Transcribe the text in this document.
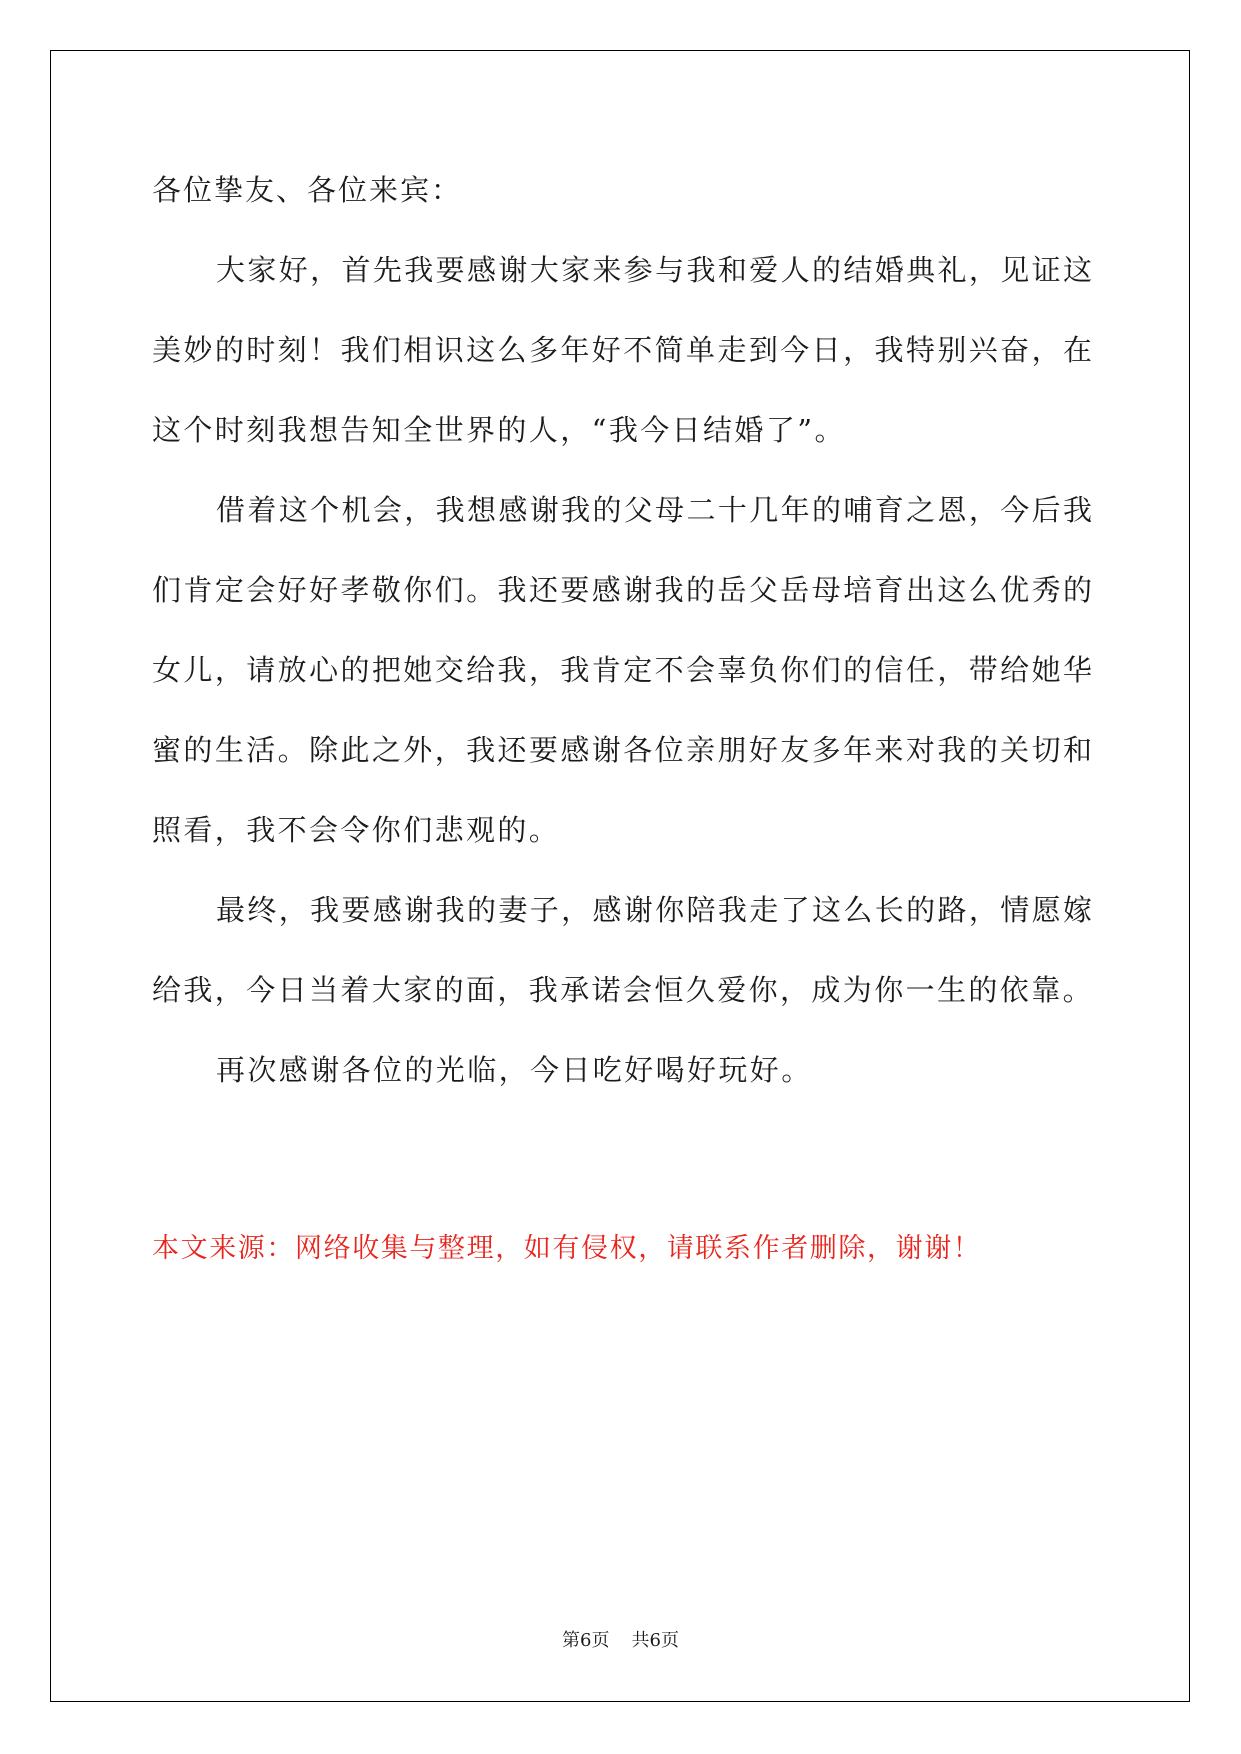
各位挚友、各位来宾：

大家好，首先我要感谢大家来参与我和爱人的结婚典礼，见证这

美妙的时刻！我们相识这么多年好不简单走到今日，我特别兴奋，在

这个时刻我想告知全世界的人，“我今日结婚了”。

借着这个机会，我想感谢我的父母二十几年的哺育之恩，今后我

们肯定会好好孝敬你们。我还要感谢我的岳父岳母培育出这么优秀的

女儿，请放心的把她交给我，我肯定不会辜负你们的信任，带给她华

蜜的生活。除此之外，我还要感谢各位亲朋好友多年来对我的关切和

照看，我不会令你们悲观的。

最终，我要感谢我的妻子，感谢你陪我走了这么长的路，情愿嫁

给我，今日当着大家的面，我承诺会恒久爱你，成为你一生的依靠。

再次感谢各位的光临，今日吃好喝好玩好。

本文来源：网络收集与整理，如有侵权，请联系作者删除，谢谢！

第6页 共6页
